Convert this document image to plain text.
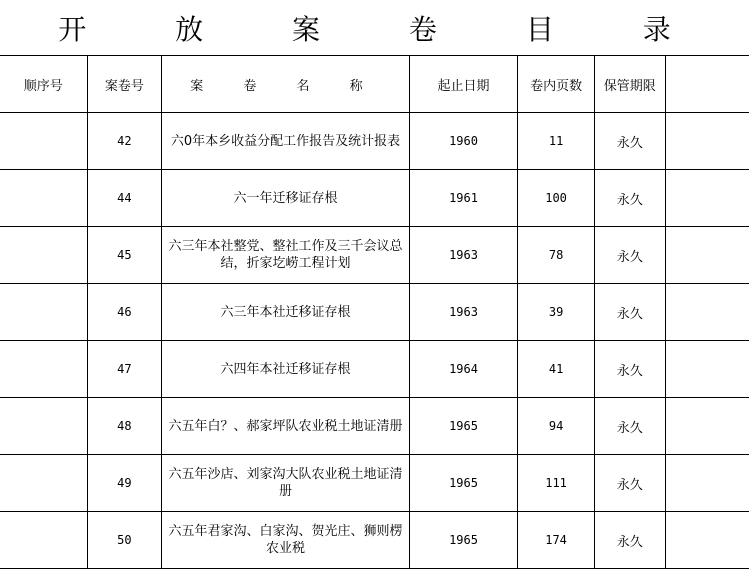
开 放 案 卷 目 录
顺序号	案卷号	案 卷 名 称	起止日期	卷内页数	保管期限	
	42	六0年本乡收益分配工作报告及统计报表	1960	11	永久	
	44	六一年迁移证存根	1961	100	永久	
	45	六三年本社整党、整社工作及三千会议总结，折家圪崂工程计划	1963	78	永久	
	46	六三年本社迁移证存根	1963	39	永久	
	47	六四年本社迁移证存根	1964	41	永久	
	48	六五年白？、郝家坪队农业税土地证清册	1965	94	永久	
	49	六五年沙店、刘家沟大队农业税土地证清册	1965	111	永久	
	50	六五年君家沟、白家沟、贺光庄、狮则楞农业税	1965	174	永久	
